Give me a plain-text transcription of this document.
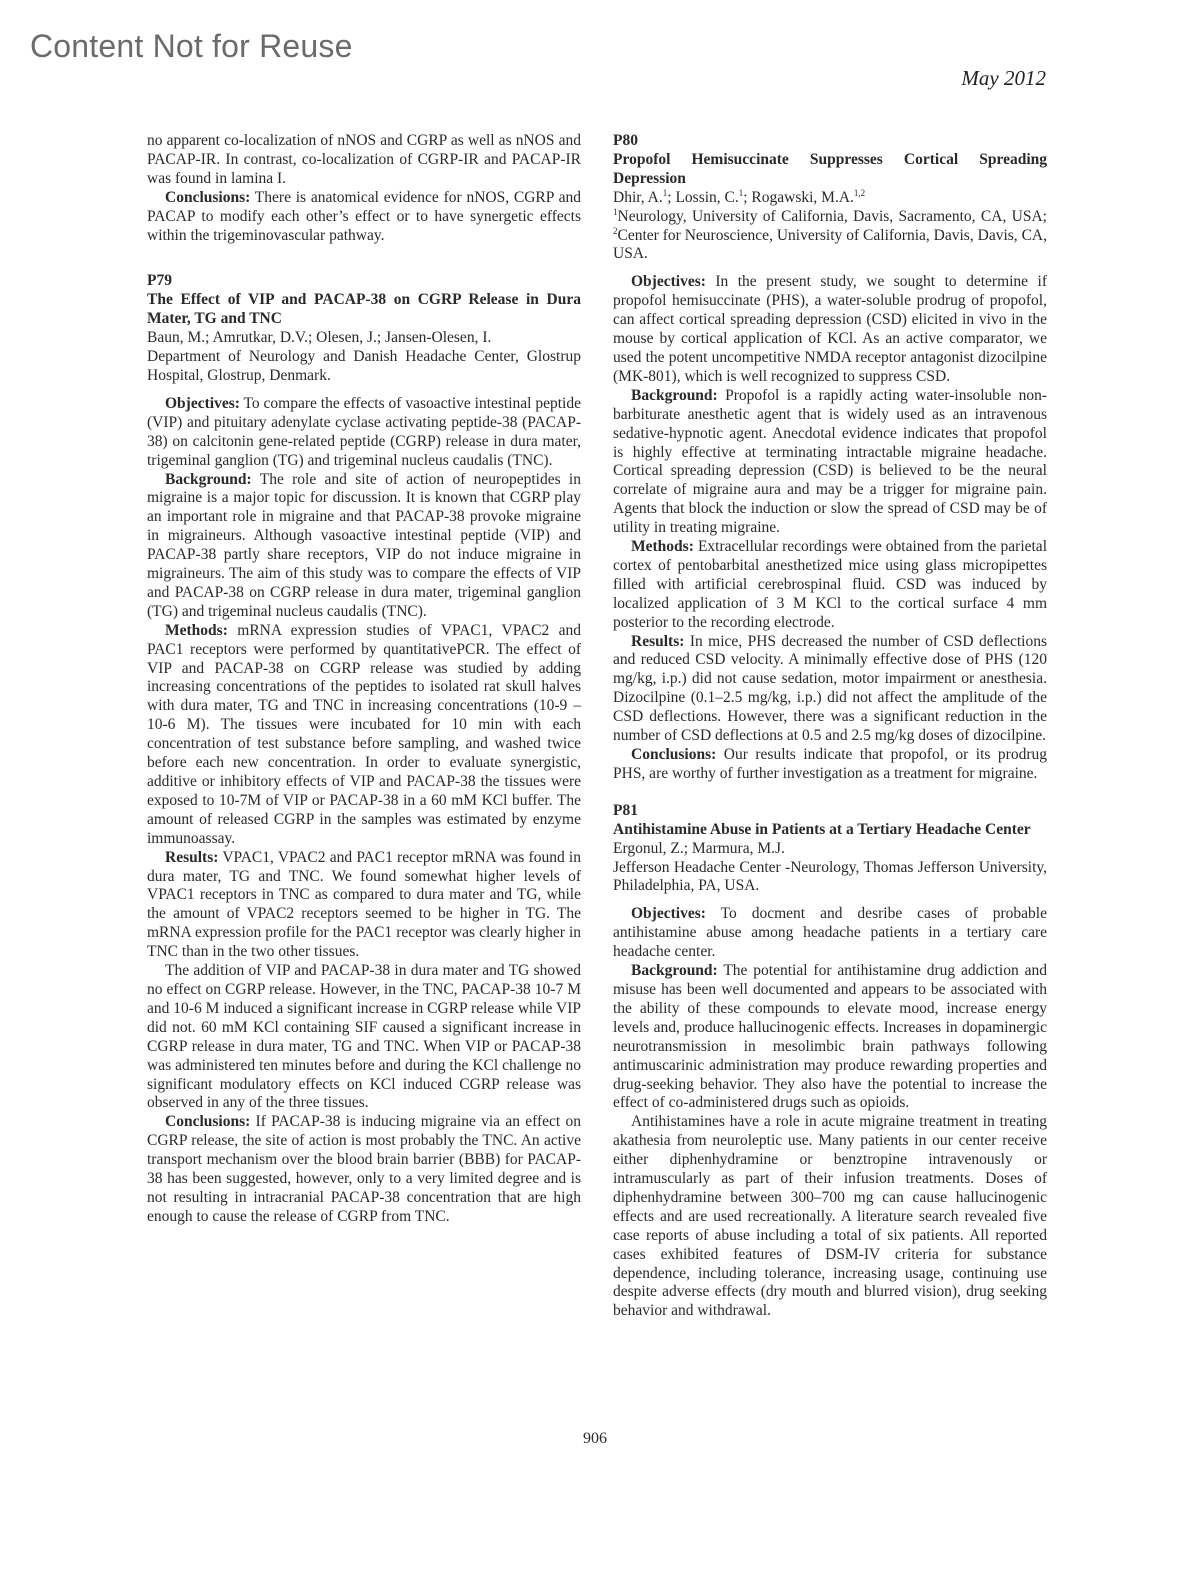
Content Not for Reuse
May 2012

no apparent co-localization of nNOS and CGRP as well as nNOS and PACAP-IR. In contrast, co-localization of CGRP-IR and PACAP-IR was found in lamina I.

Conclusions: There is anatomical evidence for nNOS, CGRP and PACAP to modify each other’s effect or to have synergetic effects within the trigeminovascular pathway.

P79

The Effect of VIP and PACAP-38 on CGRP Release in Dura Mater, TG and TNC

Baun, M.; Amrutkar, D.V.; Olesen, J.; Jansen-Olesen, I.

Department of Neurology and Danish Headache Center, Glostrup Hospital, Glostrup, Denmark.

Objectives: To compare the effects of vasoactive intestinal peptide (VIP) and pituitary adenylate cyclase activating peptide-38 (PACAP-38) on calcitonin gene-related peptide (CGRP) release in dura mater, trigeminal ganglion (TG) and trigeminal nucleus caudalis (TNC).

Background: The role and site of action of neuropeptides in migraine is a major topic for discussion. It is known that CGRP play an important role in migraine and that PACAP-38 provoke migraine in migraineurs. Although vasoactive intestinal peptide (VIP) and PACAP-38 partly share receptors, VIP do not induce migraine in migraineurs. The aim of this study was to compare the effects of VIP and PACAP-38 on CGRP release in dura mater, trigeminal ganglion (TG) and trigeminal nucleus caudalis (TNC).

Methods: mRNA expression studies of VPAC1, VPAC2 and PAC1 receptors were performed by quantitativePCR. The effect of VIP and PACAP-38 on CGRP release was studied by adding increasing concentrations of the peptides to isolated rat skull halves with dura mater, TG and TNC in increasing concentrations (10-9 – 10-6 M). The tissues were incubated for 10 min with each concentration of test substance before sampling, and washed twice before each new concentration. In order to evaluate synergistic, additive or inhibitory effects of VIP and PACAP-38 the tissues were exposed to 10-7M of VIP or PACAP-38 in a 60 mM KCl buffer. The amount of released CGRP in the samples was estimated by enzyme immunoassay.

Results: VPAC1, VPAC2 and PAC1 receptor mRNA was found in dura mater, TG and TNC. We found somewhat higher levels of VPAC1 receptors in TNC as compared to dura mater and TG, while the amount of VPAC2 receptors seemed to be higher in TG. The mRNA expression profile for the PAC1 receptor was clearly higher in TNC than in the two other tissues.

The addition of VIP and PACAP-38 in dura mater and TG showed no effect on CGRP release. However, in the TNC, PACAP-38 10-7 M and 10-6 M induced a significant increase in CGRP release while VIP did not. 60 mM KCl containing SIF caused a significant increase in CGRP release in dura mater, TG and TNC. When VIP or PACAP-38 was administered ten minutes before and during the KCl challenge no significant modulatory effects on KCl induced CGRP release was observed in any of the three tissues.

Conclusions: If PACAP-38 is inducing migraine via an effect on CGRP release, the site of action is most probably the TNC. An active transport mechanism over the blood brain barrier (BBB) for PACAP-38 has been suggested, however, only to a very limited degree and is not resulting in intracranial PACAP-38 concentration that are high enough to cause the release of CGRP from TNC.

P80

Propofol Hemisuccinate Suppresses Cortical Spreading Depression

Dhir, A.$^1$; Lossin, C.$^1$; Rogawski, M.A.$^{1,2}$

$^1$Neurology, University of California, Davis, Sacramento, CA, USA; $^2$Center for Neuroscience, University of California, Davis, Davis, CA, USA.

Objectives: In the present study, we sought to determine if propofol hemisuccinate (PHS), a water-soluble prodrug of propofol, can affect cortical spreading depression (CSD) elicited in vivo in the mouse by cortical application of KCl. As an active comparator, we used the potent uncompetitive NMDA receptor antagonist dizocilpine (MK-801), which is well recognized to suppress CSD.

Background: Propofol is a rapidly acting water-insoluble non-barbiturate anesthetic agent that is widely used as an intravenous sedative-hypnotic agent. Anecdotal evidence indicates that propofol is highly effective at terminating intractable migraine headache. Cortical spreading depression (CSD) is believed to be the neural correlate of migraine aura and may be a trigger for migraine pain. Agents that block the induction or slow the spread of CSD may be of utility in treating migraine.

Methods: Extracellular recordings were obtained from the parietal cortex of pentobarbital anesthetized mice using glass micropipettes filled with artificial cerebrospinal fluid. CSD was induced by localized application of 3 M KCl to the cortical surface 4 mm posterior to the recording electrode.

Results: In mice, PHS decreased the number of CSD deflections and reduced CSD velocity. A minimally effective dose of PHS (120 mg/kg, i.p.) did not cause sedation, motor impairment or anesthesia. Dizocilpine (0.1–2.5 mg/kg, i.p.) did not affect the amplitude of the CSD deflections. However, there was a significant reduction in the number of CSD deflections at 0.5 and 2.5 mg/kg doses of dizocilpine.

Conclusions: Our results indicate that propofol, or its prodrug PHS, are worthy of further investigation as a treatment for migraine.

P81

Antihistamine Abuse in Patients at a Tertiary Headache Center

Ergonul, Z.; Marmura, M.J.

Jefferson Headache Center -Neurology, Thomas Jefferson University, Philadelphia, PA, USA.

Objectives: To docment and desribe cases of probable antihistamine abuse among headache patients in a tertiary care headache center.

Background: The potential for antihistamine drug addiction and misuse has been well documented and appears to be associated with the ability of these compounds to elevate mood, increase energy levels and, produce hallucinogenic effects. Increases in dopaminergic neurotransmission in mesolimbic brain pathways following antimuscarinic administration may produce rewarding properties and drug-seeking behavior. They also have the potential to increase the effect of co-administered drugs such as opioids.

Antihistamines have a role in acute migraine treatment in treating akathesia from neuroleptic use. Many patients in our center receive either diphenhydramine or benztropine intravenously or intramuscularly as part of their infusion treatments. Doses of diphenhydramine between 300–700 mg can cause hallucinogenic effects and are used recreationally. A literature search revealed five case reports of abuse including a total of six patients. All reported cases exhibited features of DSM-IV criteria for substance dependence, including tolerance, increasing usage, continuing use despite adverse effects (dry mouth and blurred vision), drug seeking behavior and withdrawal.

906
